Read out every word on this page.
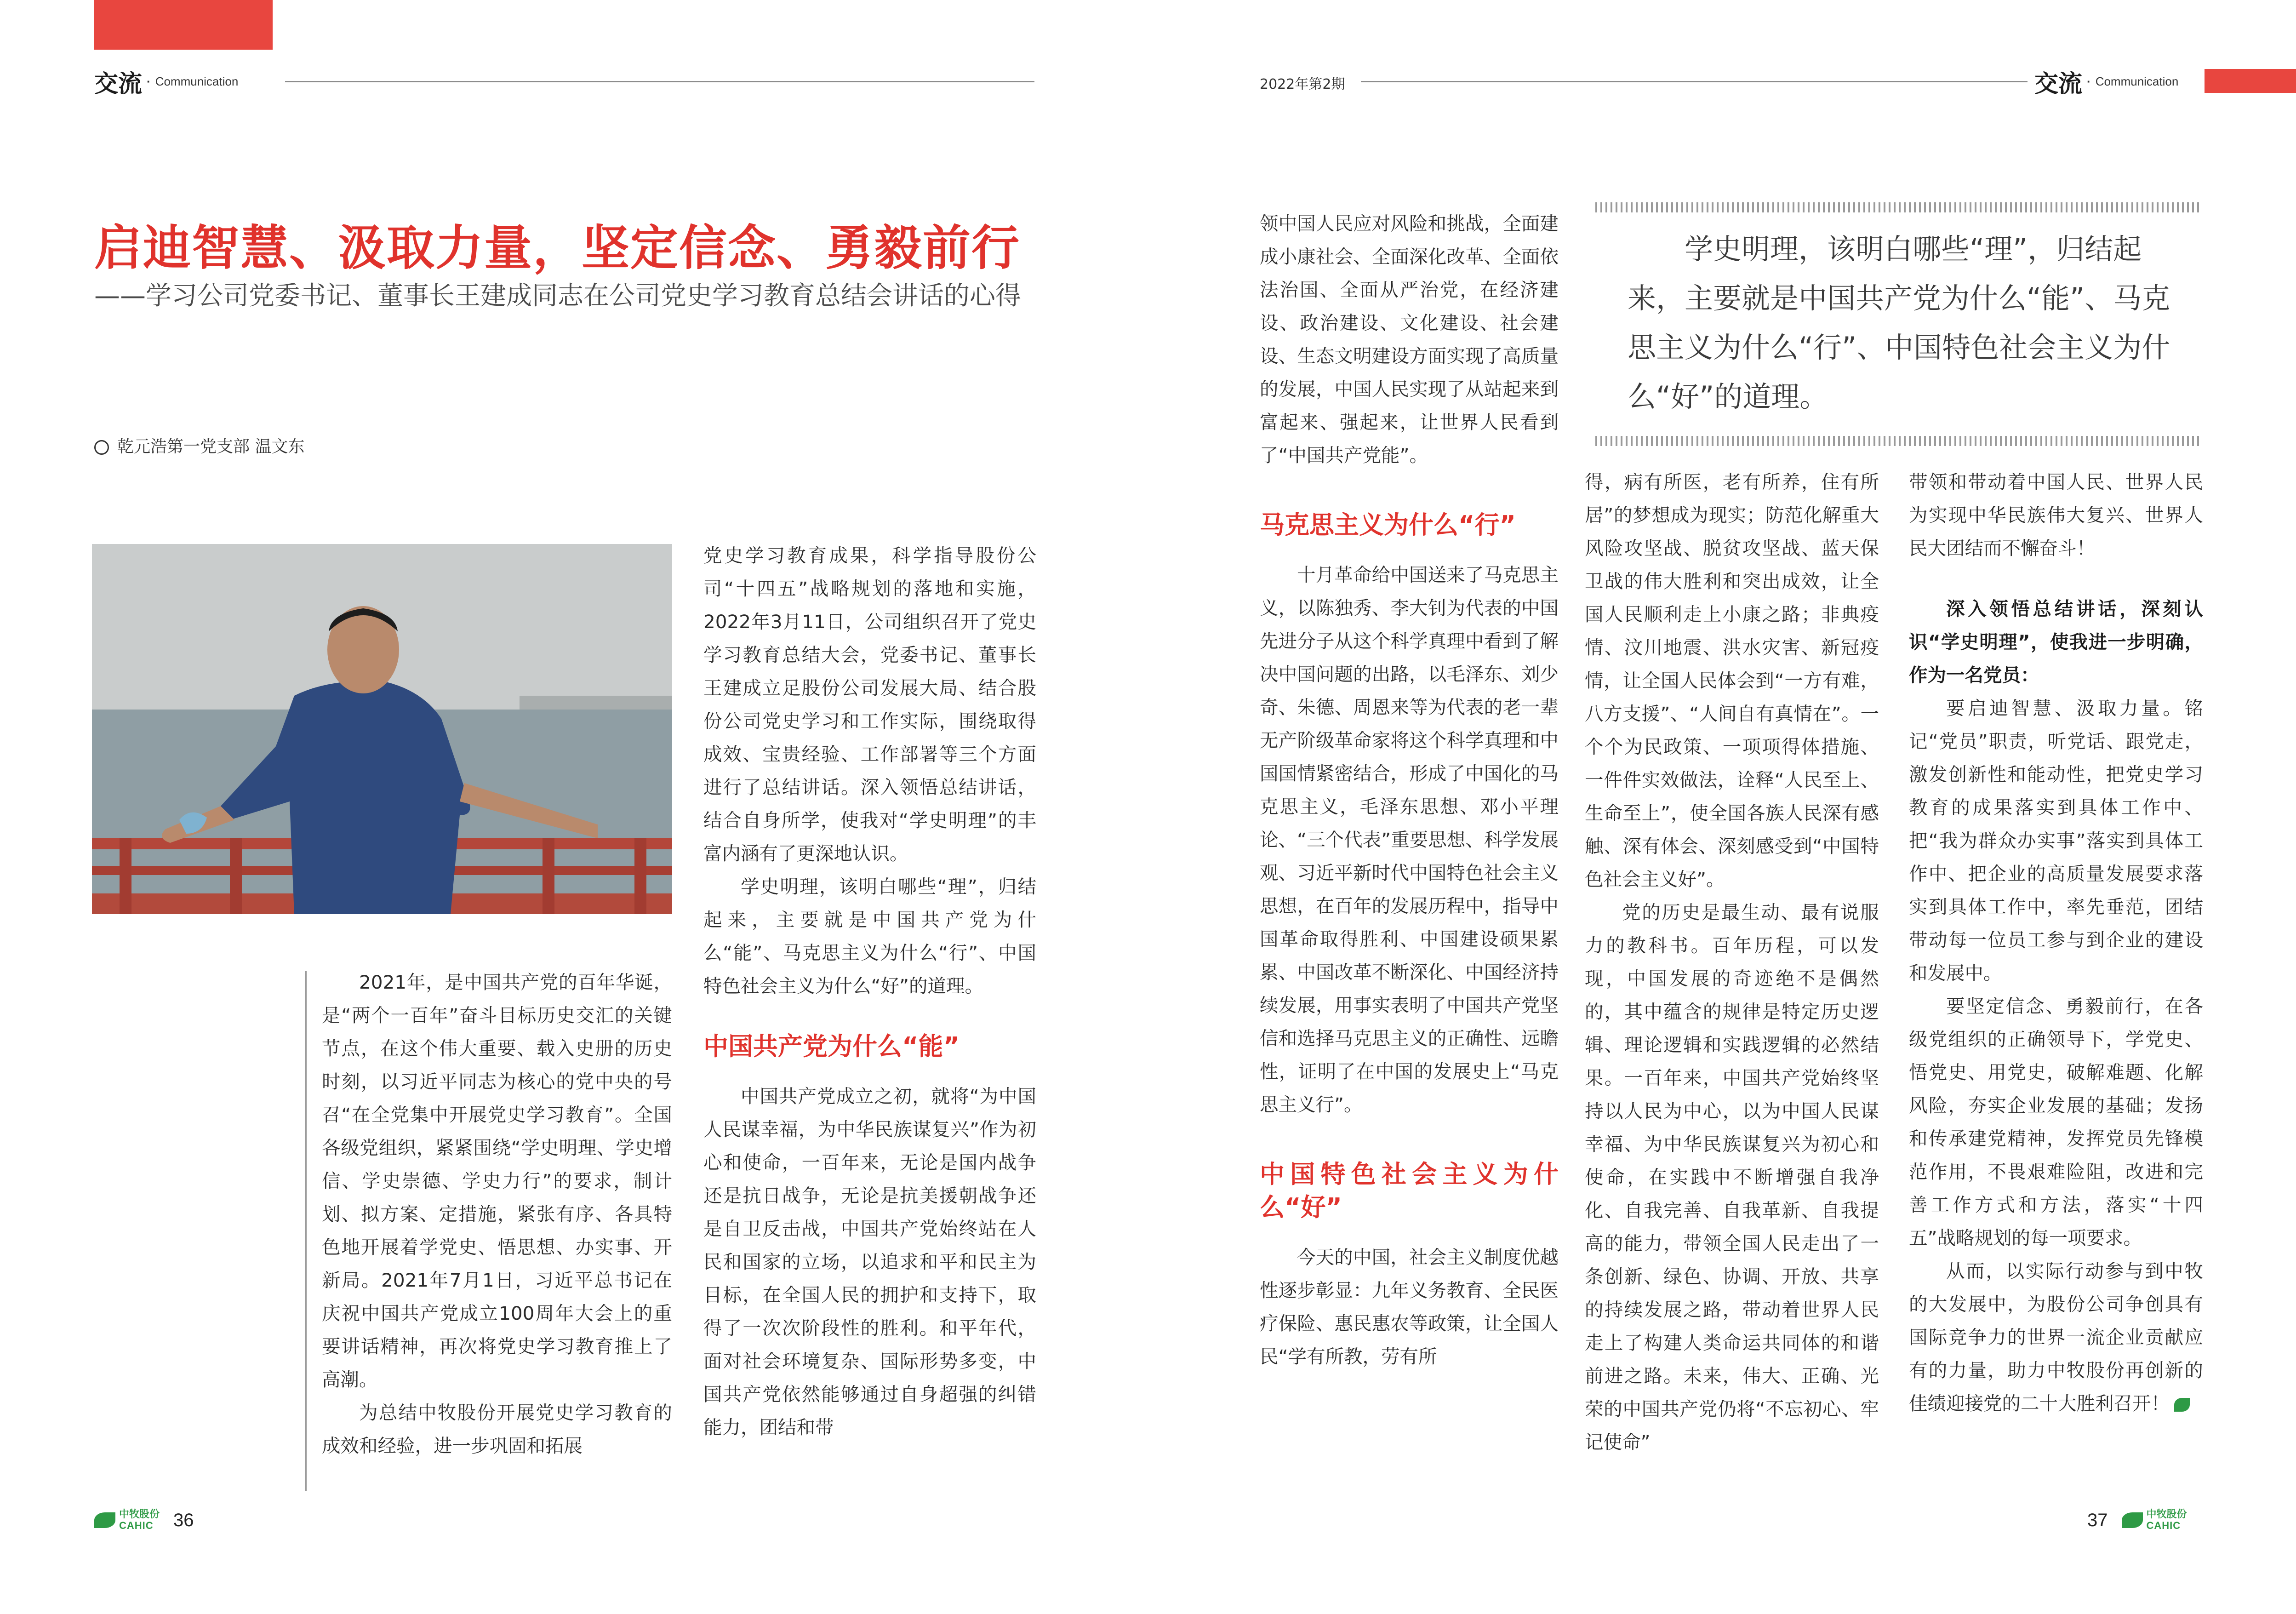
交流 · Communication
启迪智慧、汲取力量，坚定信念、勇毅前行
——学习公司党委书记、董事长王建成同志在公司党史学习教育总结会讲话的心得
乾元浩第一党支部 温文东

2021年，是中国共产党的百年华诞，是“两个一百年”奋斗目标历史交汇的关键节点，在这个伟大重要、载入史册的历史时刻，以习近平同志为核心的党中央的号召“在全党集中开展党史学习教育”。全国各级党组织，紧紧围绕“学史明理、学史增信、学史崇德、学史力行”的要求，制计划、拟方案、定措施，紧张有序、各具特色地开展着学党史、悟思想、办实事、开新局。2021年7月1日，习近平总书记在庆祝中国共产党成立100周年大会上的重要讲话精神，再次将党史学习教育推上了高潮。

为总结中牧股份开展党史学习教育的成效和经验，进一步巩固和拓展

党史学习教育成果，科学指导股份公司“十四五”战略规划的落地和实施，2022年3月11日，公司组织召开了党史学习教育总结大会，党委书记、董事长王建成立足股份公司发展大局、结合股份公司党史学习和工作实际，围绕取得成效、宝贵经验、工作部署等三个方面进行了总结讲话。深入领悟总结讲话，结合自身所学，使我对“学史明理”的丰富内涵有了更深地认识。

学史明理，该明白哪些“理”，归结起来，主要就是中国共产党为什么“能”、马克思主义为什么“行”、中国特色社会主义为什么“好”的道理。

中国共产党为什么“能”

中国共产党成立之初，就将“为中国人民谋幸福，为中华民族谋复兴”作为初心和使命，一百年来，无论是国内战争还是抗日战争，无论是抗美援朝战争还是自卫反击战，中国共产党始终站在人民和国家的立场，以追求和平和民主为目标，在全国人民的拥护和支持下，取得了一次次阶段性的胜利。和平年代，面对社会环境复杂、国际形势多变，中国共产党依然能够通过自身超强的纠错能力，团结和带

中牧股份
CAHIC	36
2022年第2期	交流 · Communication
学史明理，该明白哪些“理”，归结起来，主要就是中国共产党为什么“能”、马克思主义为什么“行”、中国特色社会主义为什么“好”的道理。

领中国人民应对风险和挑战，全面建成小康社会、全面深化改革、全面依法治国、全面从严治党，在经济建设、政治建设、文化建设、社会建设、生态文明建设方面实现了高质量的发展，中国人民实现了从站起来到富起来、强起来，让世界人民看到了“中国共产党能”。

马克思主义为什么“行”

十月革命给中国送来了马克思主义，以陈独秀、李大钊为代表的中国先进分子从这个科学真理中看到了解决中国问题的出路，以毛泽东、刘少奇、朱德、周恩来等为代表的老一辈无产阶级革命家将这个科学真理和中国国情紧密结合，形成了中国化的马克思主义，毛泽东思想、邓小平理论、“三个代表”重要思想、科学发展观、习近平新时代中国特色社会主义思想，在百年的发展历程中，指导中国革命取得胜利、中国建设硕果累累、中国改革不断深化、中国经济持续发展，用事实表明了中国共产党坚信和选择马克思主义的正确性、远瞻性，证明了在中国的发展史上“马克思主义行”。

中国特色社会主义为什么“好”

今天的中国，社会主义制度优越性逐步彰显：九年义务教育、全民医疗保险、惠民惠农等政策，让全国人民“学有所教，劳有所

得，病有所医，老有所养，住有所居”的梦想成为现实；防范化解重大风险攻坚战、脱贫攻坚战、蓝天保卫战的伟大胜利和突出成效，让全国人民顺利走上小康之路；非典疫情、汶川地震、洪水灾害、新冠疫情，让全国人民体会到“一方有难，八方支援”、“人间自有真情在”。一个个为民政策、一项项得体措施、一件件实效做法，诠释“人民至上、生命至上”，使全国各族人民深有感触、深有体会、深刻感受到“中国特色社会主义好”。

党的历史是最生动、最有说服力的教科书。百年历程，可以发现，中国发展的奇迹绝不是偶然的，其中蕴含的规律是特定历史逻辑、理论逻辑和实践逻辑的必然结果。一百年来，中国共产党始终坚持以人民为中心，以为中国人民谋幸福、为中华民族谋复兴为初心和使命，在实践中不断增强自我净化、自我完善、自我革新、自我提高的能力，带领全国人民走出了一条创新、绿色、协调、开放、共享的持续发展之路，带动着世界人民走上了构建人类命运共同体的和谐前进之路。未来，伟大、正确、光荣的中国共产党仍将“不忘初心、牢记使命”

带领和带动着中国人民、世界人民为实现中华民族伟大复兴、世界人民大团结而不懈奋斗！

深入领悟总结讲话，深刻认识“学史明理”，使我进一步明确，作为一名党员：

要启迪智慧、汲取力量。铭记“党员”职责，听党话、跟党走，激发创新性和能动性，把党史学习教育的成果落实到具体工作中、把“我为群众办实事”落实到具体工作中、把企业的高质量发展要求落实到具体工作中，率先垂范，团结带动每一位员工参与到企业的建设和发展中。

要坚定信念、勇毅前行，在各级党组织的正确领导下，学党史、悟党史、用党史，破解难题、化解风险，夯实企业发展的基础；发扬和传承建党精神，发挥党员先锋模范作用，不畏艰难险阻，改进和完善工作方式和方法，落实“十四五”战略规划的每一项要求。

从而，以实际行动参与到中牧的大发展中，为股份公司争创具有国际竞争力的世界一流企业贡献应有的力量，助力中牧股份再创新的佳绩迎接党的二十大胜利召开！

37	中牧股份
CAHIC
